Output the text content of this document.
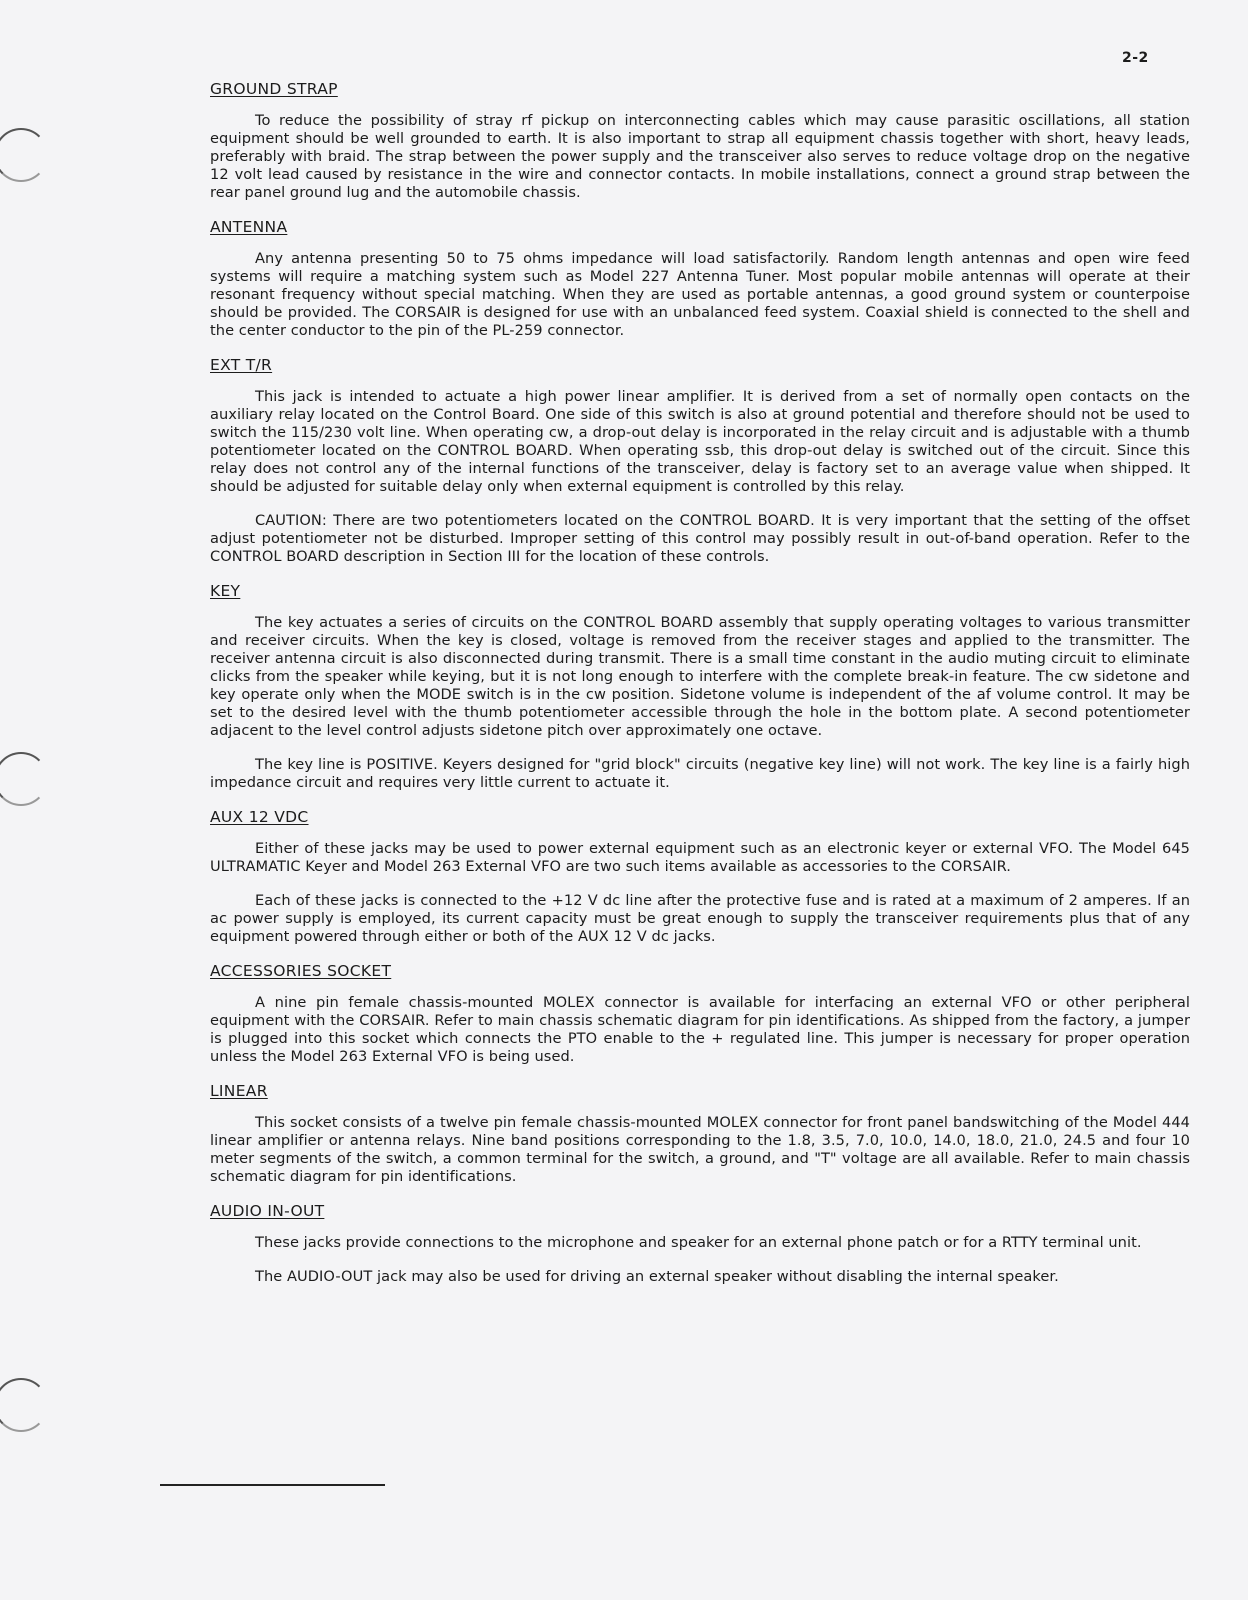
2-2
GROUND STRAP

To reduce the possibility of stray rf pickup on interconnecting cables which may cause parasitic oscillations, all station equipment should be well grounded to earth. It is also important to strap all equipment chassis together with short, heavy leads, preferably with braid. The strap between the power supply and the transceiver also serves to reduce voltage drop on the negative 12 volt lead caused by resistance in the wire and connector contacts. In mobile installations, connect a ground strap between the rear panel ground lug and the automobile chassis.

ANTENNA

Any antenna presenting 50 to 75 ohms impedance will load satisfactorily. Random length antennas and open wire feed systems will require a matching system such as Model 227 Antenna Tuner. Most popular mobile antennas will operate at their resonant frequency without special matching. When they are used as portable antennas, a good ground system or counterpoise should be provided. The CORSAIR is designed for use with an unbalanced feed system. Coaxial shield is connected to the shell and the center conductor to the pin of the PL-259 connector.

EXT T/R

This jack is intended to actuate a high power linear amplifier. It is derived from a set of normally open contacts on the auxiliary relay located on the Control Board. One side of this switch is also at ground potential and therefore should not be used to switch the 115/230 volt line. When operating cw, a drop-out delay is incorporated in the relay circuit and is adjustable with a thumb potentiometer located on the CONTROL BOARD. When operating ssb, this drop-out delay is switched out of the circuit. Since this relay does not control any of the internal functions of the transceiver, delay is factory set to an average value when shipped. It should be adjusted for suitable delay only when external equipment is controlled by this relay.

CAUTION: There are two potentiometers located on the CONTROL BOARD. It is very important that the setting of the offset adjust potentiometer not be disturbed. Improper setting of this control may possibly result in out-of-band operation. Refer to the CONTROL BOARD description in Section III for the location of these controls.

KEY

The key actuates a series of circuits on the CONTROL BOARD assembly that supply operating voltages to various transmitter and receiver circuits. When the key is closed, voltage is removed from the receiver stages and applied to the transmitter. The receiver antenna circuit is also disconnected during transmit. There is a small time constant in the audio muting circuit to eliminate clicks from the speaker while keying, but it is not long enough to interfere with the complete break-in feature. The cw sidetone and key operate only when the MODE switch is in the cw position. Sidetone volume is independent of the af volume control. It may be set to the desired level with the thumb potentiometer accessible through the hole in the bottom plate. A second potentiometer adjacent to the level control adjusts sidetone pitch over approximately one octave.

The key line is POSITIVE. Keyers designed for "grid block" circuits (negative key line) will not work. The key line is a fairly high impedance circuit and requires very little current to actuate it.

AUX 12 VDC

Either of these jacks may be used to power external equipment such as an electronic keyer or external VFO. The Model 645 ULTRAMATIC Keyer and Model 263 External VFO are two such items available as accessories to the CORSAIR.

Each of these jacks is connected to the +12 V dc line after the protective fuse and is rated at a maximum of 2 amperes. If an ac power supply is employed, its current capacity must be great enough to supply the transceiver requirements plus that of any equipment powered through either or both of the AUX 12 V dc jacks.

ACCESSORIES SOCKET

A nine pin female chassis-mounted MOLEX connector is available for interfacing an external VFO or other peripheral equipment with the CORSAIR. Refer to main chassis schematic diagram for pin identifications. As shipped from the factory, a jumper is plugged into this socket which connects the PTO enable to the + regulated line. This jumper is necessary for proper operation unless the Model 263 External VFO is being used.

LINEAR

This socket consists of a twelve pin female chassis-mounted MOLEX connector for front panel bandswitching of the Model 444 linear amplifier or antenna relays. Nine band positions corresponding to the 1.8, 3.5, 7.0, 10.0, 14.0, 18.0, 21.0, 24.5 and four 10 meter segments of the switch, a common terminal for the switch, a ground, and "T" voltage are all available. Refer to main chassis schematic diagram for pin identifications.

AUDIO IN-OUT

These jacks provide connections to the microphone and speaker for an external phone patch or for a RTTY terminal unit.

The AUDIO-OUT jack may also be used for driving an external speaker without disabling the internal speaker.
